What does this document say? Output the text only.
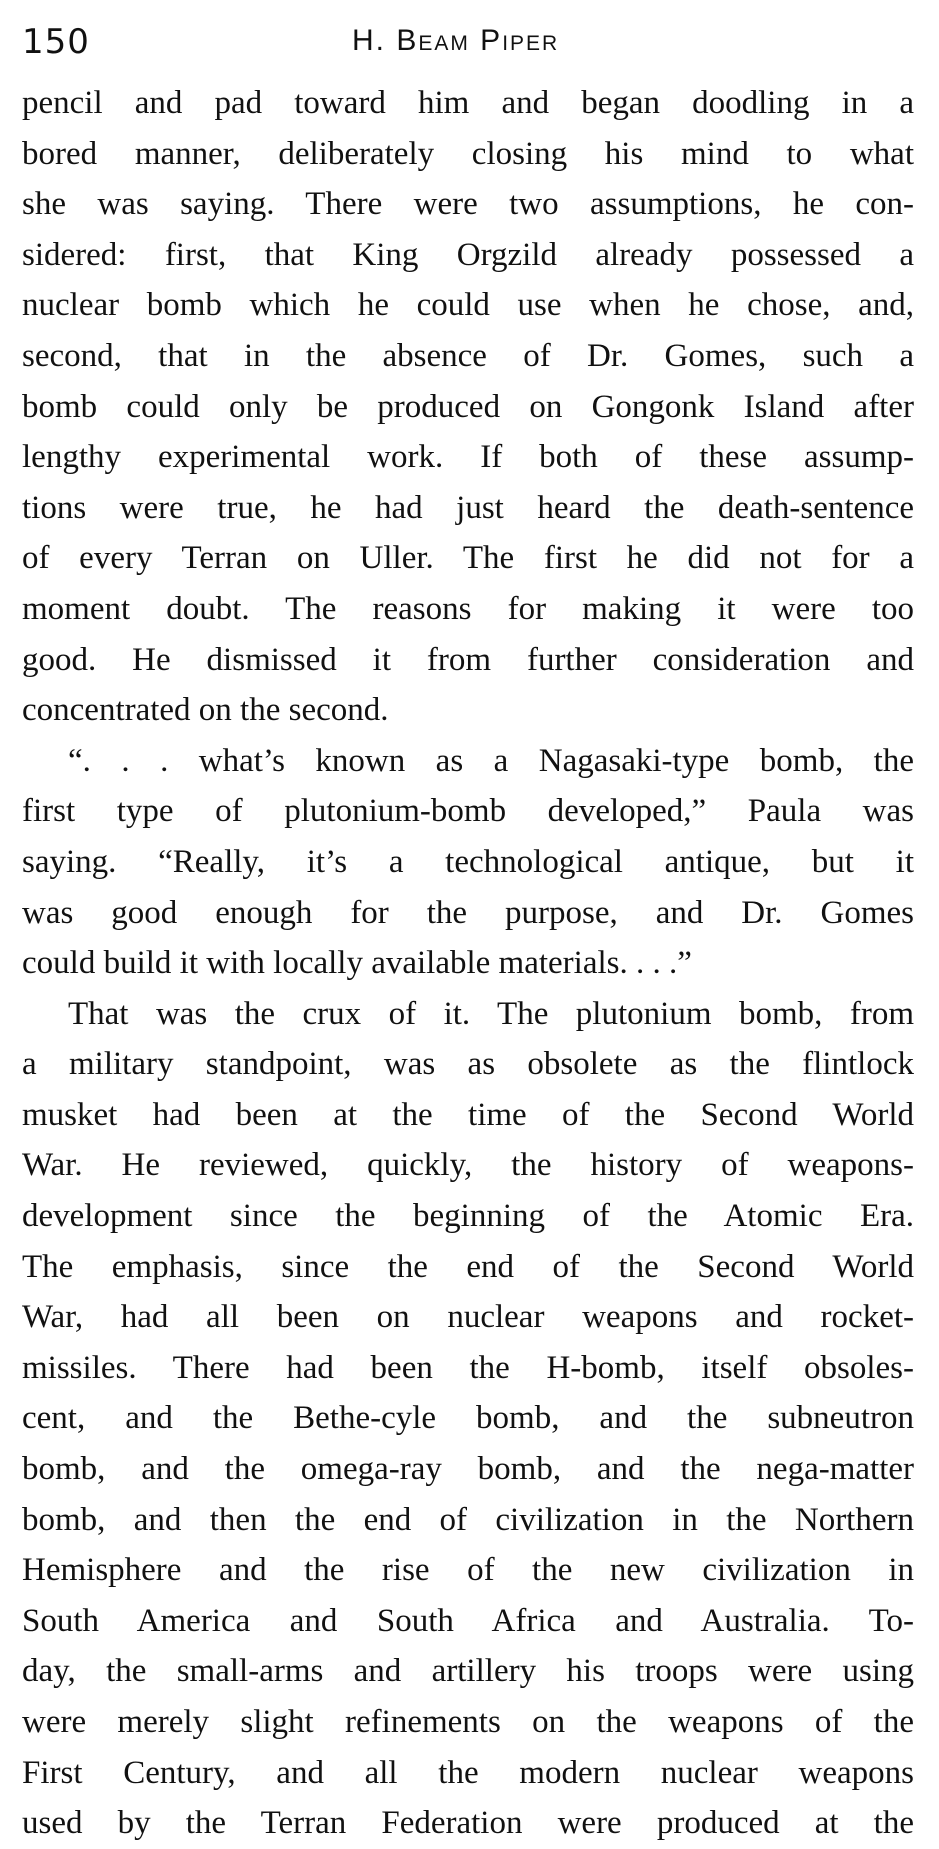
150	H. Beam Piper

pencil and pad toward him and began doodling in a

bored manner, deliberately closing his mind to what

she was saying. There were two assumptions, he con-

sidered: first, that King Orgzild already possessed a

nuclear bomb which he could use when he chose, and,

second, that in the absence of Dr. Gomes, such a

bomb could only be produced on Gongonk Island after

lengthy experimental work. If both of these assump-

tions were true, he had just heard the death-sentence

of every Terran on Uller. The first he did not for a

moment doubt. The reasons for making it were too

good. He dismissed it from further consideration and

concentrated on the second.

“. . . what’s known as a Nagasaki-type bomb, the

first type of plutonium-bomb developed,” Paula was

saying. “Really, it’s a technological antique, but it

was good enough for the purpose, and Dr. Gomes

could build it with locally available materials. . . .”

That was the crux of it. The plutonium bomb, from

a military standpoint, was as obsolete as the flintlock

musket had been at the time of the Second World

War. He reviewed, quickly, the history of weapons-

development since the beginning of the Atomic Era.

The emphasis, since the end of the Second World

War, had all been on nuclear weapons and rocket-

missiles. There had been the H-bomb, itself obsoles-

cent, and the Bethe-cyle bomb, and the subneutron

bomb, and the omega-ray bomb, and the nega-matter

bomb, and then the end of civilization in the Northern

Hemisphere and the rise of the new civilization in

South America and South Africa and Australia. To-

day, the small-arms and artillery his troops were using

were merely slight refinements on the weapons of the

First Century, and all the modern nuclear weapons

used by the Terran Federation were produced at the
